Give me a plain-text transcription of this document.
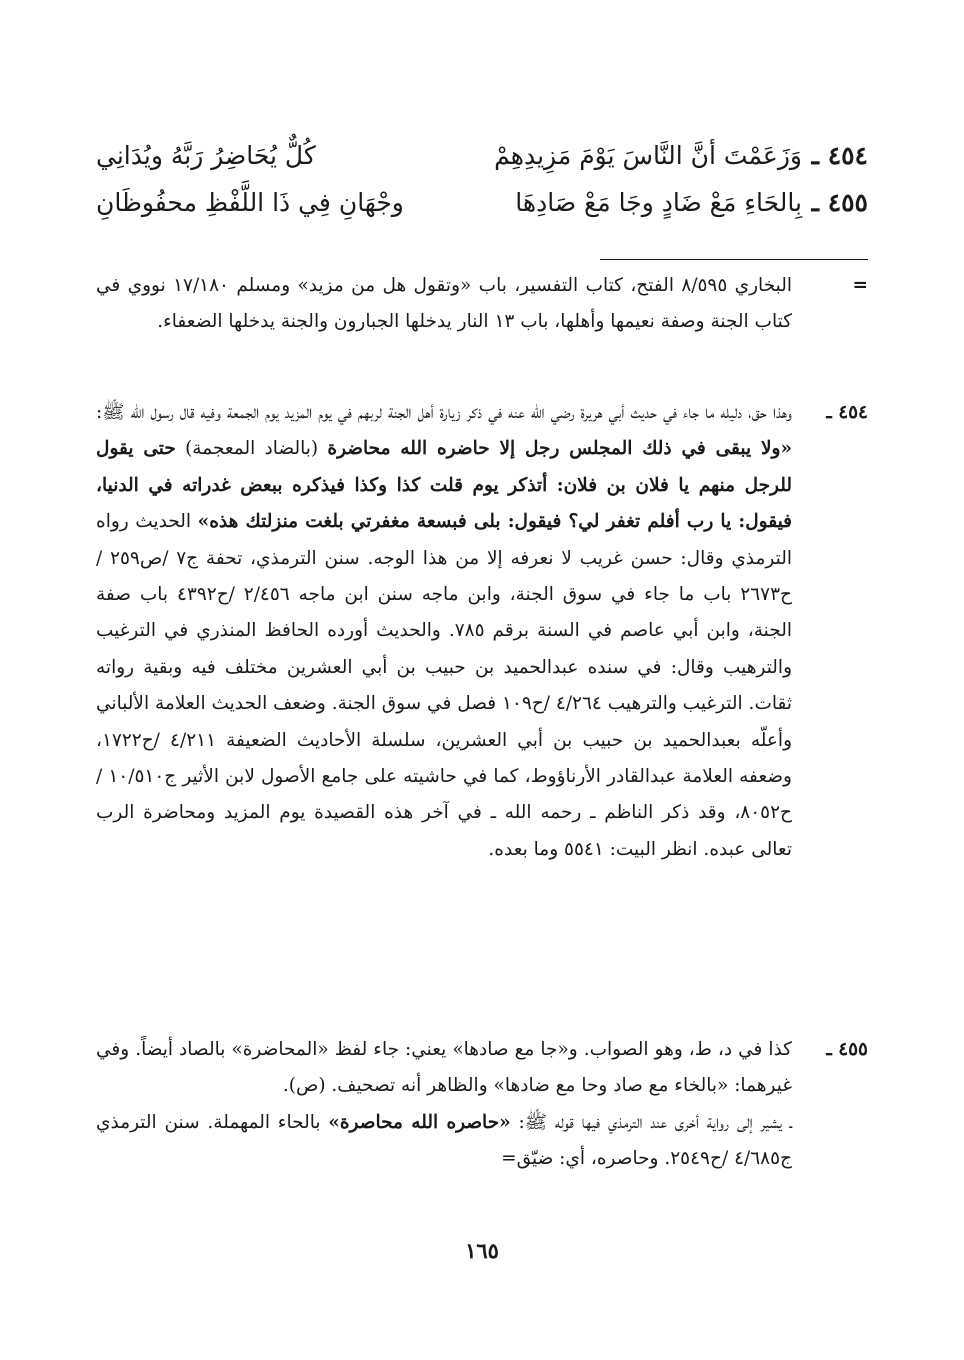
٤٥٤ ـ
وَزَعَمْتَ أنَّ النَّاسَ يَوْمَ مَزِيدِهِمْ
كُلٌّ يُحَاضِرُ رَبَّهُ ويُدَانِي
٤٥٥ ـ
بِالحَاءِ مَعْ ضَادٍ وجَا مَعْ صَادِهَا
وجْهَانِ فِي ذَا اللَّفْظِ محفُوظَانِ
=

البخاري ٨/٥٩٥ الفتح، كتاب التفسير، باب «وتقول هل من مزيد» ومسلم ١٧/١٨٠ نووي في كتاب الجنة وصفة نعيمها وأهلها، باب ١٣ النار يدخلها الجبارون والجنة يدخلها الضعفاء.

٤٥٤ ـ

وهذا حق، دليله ما جاء في حديث أبي هريرة رضي الله عنه في ذكر زيارة أهل الجنة لربهم في يوم المزيد يوم الجمعة وفيه قال رسول الله ﷺ: «ولا يبقى في ذلك المجلس رجل إلا حاضره الله محاضرة (بالضاد المعجمة) حتى يقول للرجل منهم يا فلان بن فلان: أتذكر يوم قلت كذا وكذا فيذكره ببعض غدراته في الدنيا، فيقول: يا رب أفلم تغفر لي؟ فيقول: بلى فبسعة مغفرتي بلغت منزلتك هذه» الحديث رواه الترمذي وقال: حسن غريب لا نعرفه إلا من هذا الوجه. سنن الترمذي، تحفة ج٧ /ص٢٥٩ /ح٢٦٧٣ باب ما جاء في سوق الجنة، وابن ماجه سنن ابن ماجه ٢/٤٥٦ /ح٤٣٩٢ باب صفة الجنة، وابن أبي عاصم في السنة برقم ٧٨٥. والحديث أورده الحافظ المنذري في الترغيب والترهيب وقال: في سنده عبدالحميد بن حبيب بن أبي العشرين مختلف فيه وبقية رواته ثقات. الترغيب والترهيب ٤/٢٦٤ /ح١٠٩ فصل في سوق الجنة. وضعف الحديث العلامة الألباني وأعلّه بعبدالحميد بن حبيب بن أبي العشرين، سلسلة الأحاديث الضعيفة ٤/٢١١ /ح١٧٢٢، وضعفه العلامة عبدالقادر الأرناؤوط، كما في حاشيته على جامع الأصول لابن الأثير ج١٠/٥١٠ /ح٨٠٥٢، وقد ذكر الناظم ـ رحمه الله ـ في آخر هذه القصيدة يوم المزيد ومحاضرة الرب تعالى عبده. انظر البيت: ٥٥٤١ وما بعده.

٤٥٥ ـ

كذا في د، ط، وهو الصواب. و«جا مع صادها» يعني: جاء لفظ «المحاضرة» بالصاد أيضاً. وفي غيرهما: «بالخاء مع صاد وحا مع ضادها» والظاهر أنه تصحيف. (ص).

ـ يشير إلى رواية أخرى عند الترمذي فيها قوله ﷺ: «حاصره الله محاصرة» بالحاء المهملة. سنن الترمذي ج٤/٦٨٥ /ح٢٥٤٩. وحاصره، أي: ضيّق=

١٦٥
